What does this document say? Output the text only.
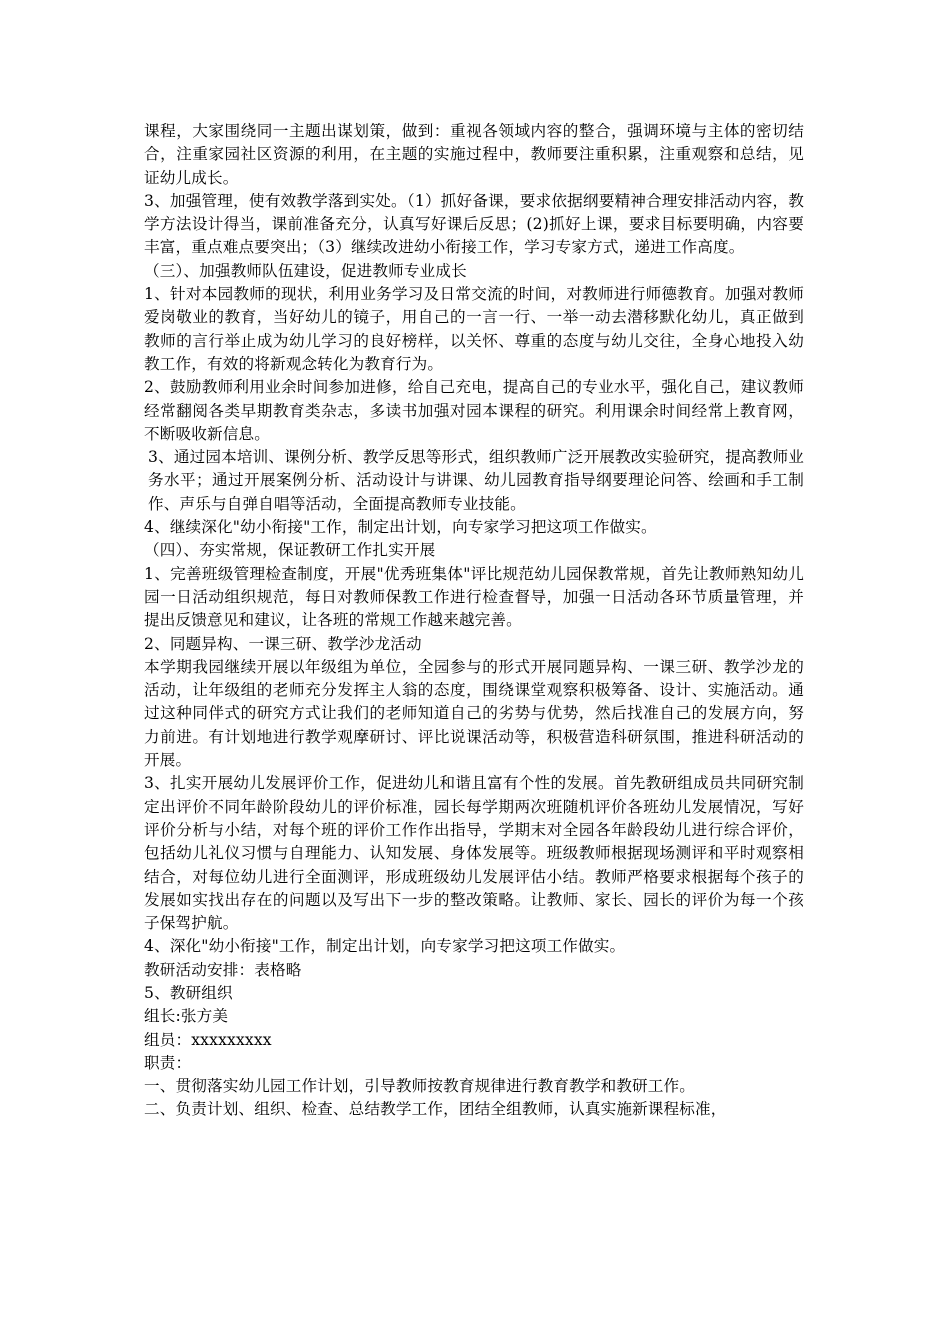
课程，大家围绕同一主题出谋划策，做到：重视各领域内容的整合，强调环境与主体的密切结合，注重家园社区资源的利用，在主题的实施过程中，教师要注重积累，注重观察和总结，见证幼儿成长。

3、加强管理，使有效教学落到实处。（1）抓好备课，要求依据纲要精神合理安排活动内容，教学方法设计得当，课前准备充分，认真写好课后反思；(2)抓好上课，要求目标要明确，内容要丰富，重点难点要突出；（3）继续改进幼小衔接工作，学习专家方式，递进工作高度。

（三）、加强教师队伍建设，促进教师专业成长

1、针对本园教师的现状，利用业务学习及日常交流的时间，对教师进行师德教育。加强对教师爱岗敬业的教育，当好幼儿的镜子，用自己的一言一行、一举一动去潜移默化幼儿，真正做到教师的言行举止成为幼儿学习的良好榜样，以关怀、尊重的态度与幼儿交往，全身心地投入幼教工作，有效的将新观念转化为教育行为。

2、鼓励教师利用业余时间参加进修，给自己充电，提高自己的专业水平，强化自己，建议教师经常翻阅各类早期教育类杂志，多读书加强对园本课程的研究。利用课余时间经常上教育网，不断吸收新信息。

3、通过园本培训、课例分析、教学反思等形式，组织教师广泛开展教改实验研究，提高教师业务水平；通过开展案例分析、活动设计与讲课、幼儿园教育指导纲要理论问答、绘画和手工制作、声乐与自弹自唱等活动，全面提高教师专业技能。

4、继续深化"幼小衔接"工作，制定出计划，向专家学习把这项工作做实。

（四）、夯实常规，保证教研工作扎实开展

1、完善班级管理检查制度，开展"优秀班集体"评比规范幼儿园保教常规，首先让教师熟知幼儿园一日活动组织规范，每日对教师保教工作进行检查督导，加强一日活动各环节质量管理，并提出反馈意见和建议，让各班的常规工作越来越完善。

2、同题异构、一课三研、教学沙龙活动

本学期我园继续开展以年级组为单位，全园参与的形式开展同题异构、一课三研、教学沙龙的活动，让年级组的老师充分发挥主人翁的态度，围绕课堂观察积极筹备、设计、实施活动。通过这种同伴式的研究方式让我们的老师知道自己的劣势与优势，然后找准自己的发展方向，努力前进。有计划地进行教学观摩研讨、评比说课活动等，积极营造科研氛围，推进科研活动的开展。

3、扎实开展幼儿发展评价工作，促进幼儿和谐且富有个性的发展。首先教研组成员共同研究制定出评价不同年龄阶段幼儿的评价标准，园长每学期两次班随机评价各班幼儿发展情况，写好评价分析与小结，对每个班的评价工作作出指导，学期末对全园各年龄段幼儿进行综合评价，包括幼儿礼仪习惯与自理能力、认知发展、身体发展等。班级教师根据现场测评和平时观察相结合，对每位幼儿进行全面测评，形成班级幼儿发展评估小结。教师严格要求根据每个孩子的发展如实找出存在的问题以及写出下一步的整改策略。让教师、家长、园长的评价为每一个孩子保驾护航。

4、深化"幼小衔接"工作，制定出计划，向专家学习把这项工作做实。

教研活动安排：表格略

5、教研组织

组长:张方美

组员：xxxxxxxxx

职责：

一、贯彻落实幼儿园工作计划，引导教师按教育规律进行教育教学和教研工作。

二、负责计划、组织、检查、总结教学工作，团结全组教师，认真实施新课程标准，
